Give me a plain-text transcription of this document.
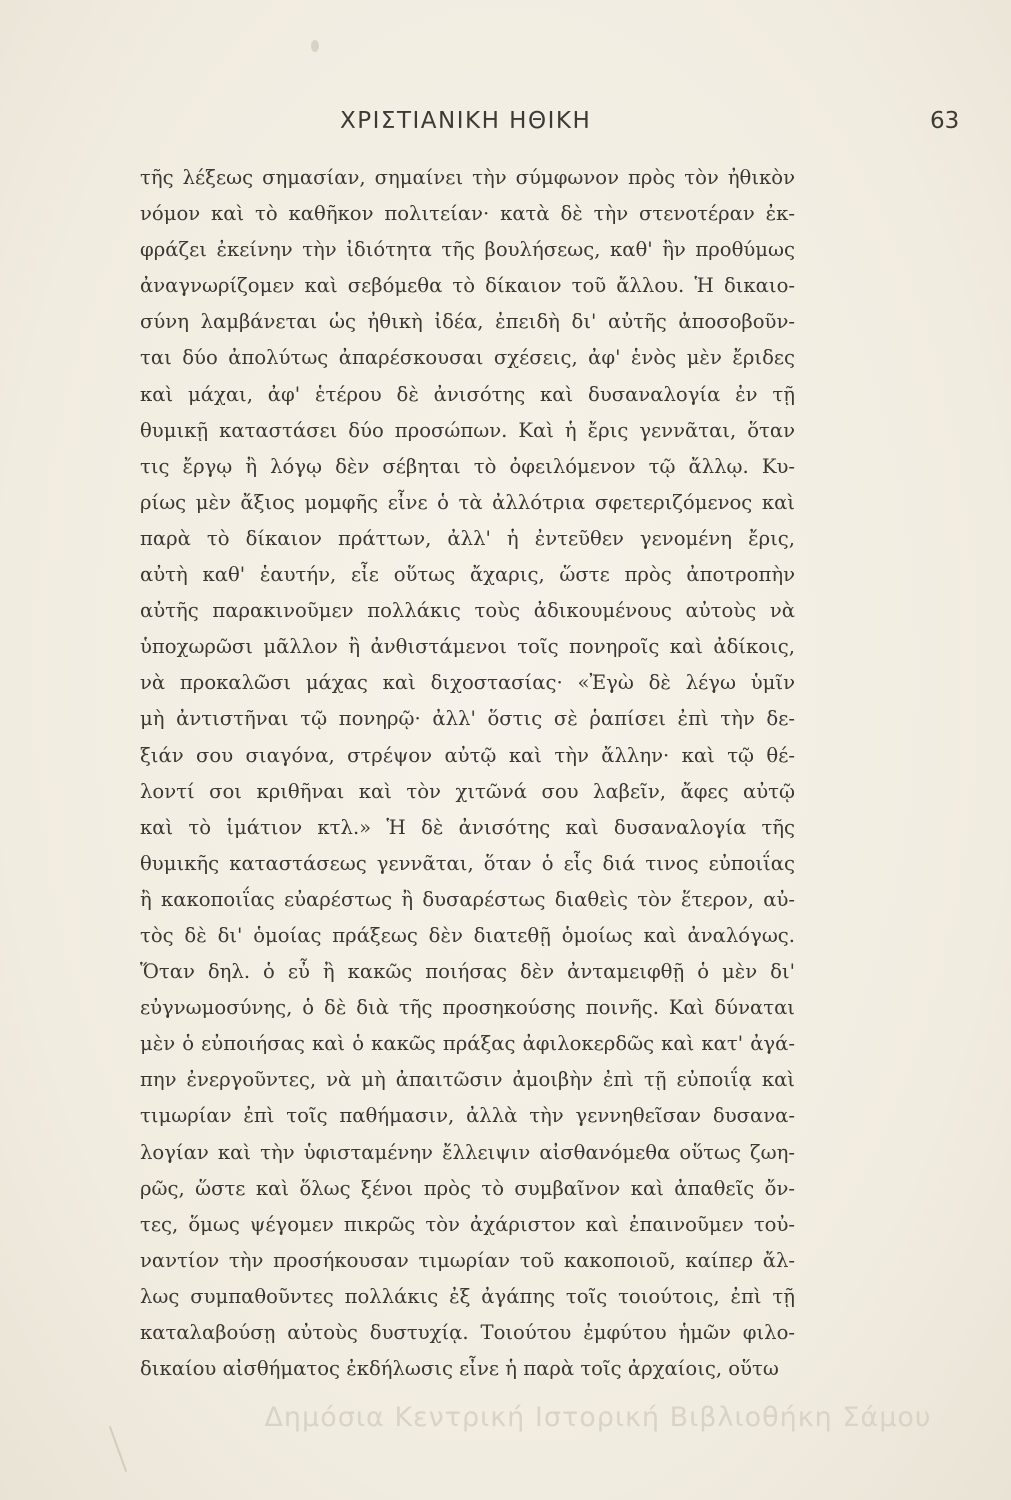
ΧΡΙΣΤΙΑΝΙΚΗ ΗΘΙΚΗ	63
τῆς λέξεως σημασίαν, σημαίνει τὴν σύμφωνον πρὸς τὸν ἠθικὸν
νόμον καὶ τὸ καθῆκον πολιτείαν· κατὰ δὲ τὴν στενοτέραν ἐκ-
φράζει ἐκείνην τὴν ἰδιότητα τῆς βουλήσεως, καθ' ἣν προθύμως
ἀναγνωρίζομεν καὶ σεβόμεθα τὸ δίκαιον τοῦ ἄλλου. Ἡ δικαιο-
σύνη λαμβάνεται ὡς ἠθικὴ ἰδέα, ἐπειδὴ δι' αὐτῆς ἀποσοβοῦν-
ται δύο ἀπολύτως ἀπαρέσκουσαι σχέσεις, ἀφ' ἑνὸς μὲν ἔριδες
καὶ μάχαι, ἀφ' ἑτέρου δὲ ἀνισότης καὶ δυσαναλογία ἐν τῇ
θυμικῇ καταστάσει δύο προσώπων. Καὶ ἡ ἔρις γεννᾶται, ὅταν
τις ἔργῳ ἢ λόγῳ δὲν σέβηται τὸ ὀφειλόμενον τῷ ἄλλῳ. Κυ-
ρίως μὲν ἄξιος μομφῆς εἶνε ὁ τὰ ἀλλότρια σφετεριζόμενος καὶ
παρὰ τὸ δίκαιον πράττων, ἀλλ' ἡ ἐντεῦθεν γενομένη ἔρις,
αὐτὴ καθ' ἑαυτήν, εἶε οὕτως ἄχαρις, ὥστε πρὸς ἀποτροπὴν
αὐτῆς παρακινοῦμεν πολλάκις τοὺς ἀδικουμένους αὐτοὺς νὰ
ὑποχωρῶσι μᾶλλον ἢ ἀνθιστάμενοι τοῖς πονηροῖς καὶ ἀδίκοις,
νὰ προκαλῶσι μάχας καὶ διχοστασίας· «Ἐγὼ δὲ λέγω ὑμῖν
μὴ ἀντιστῆναι τῷ πονηρῷ· ἀλλ' ὅστις σὲ ῥαπίσει ἐπὶ τὴν δε-
ξιάν σου σιαγόνα, στρέψον αὐτῷ καὶ τὴν ἄλλην· καὶ τῷ θέ-
λοντί σοι κριθῆναι καὶ τὸν χιτῶνά σου λαβεῖν, ἄφες αὐτῷ
καὶ τὸ ἱμάτιον κτλ.» Ἡ δὲ ἀνισότης καὶ δυσαναλογία τῆς
θυμικῆς καταστάσεως γεννᾶται, ὅταν ὁ εἷς διά τινος εὐποιΐας
ἢ κακοποιΐας εὐαρέστως ἢ δυσαρέστως διαθεὶς τὸν ἕτερον, αὐ-
τὸς δὲ δι' ὁμοίας πράξεως δὲν διατεθῇ ὁμοίως καὶ ἀναλόγως.
Ὅταν δηλ. ὁ εὖ ἢ κακῶς ποιήσας δὲν ἀνταμειφθῇ ὁ μὲν δι'
εὐγνωμοσύνης, ὁ δὲ διὰ τῆς προσηκούσης ποινῆς. Καὶ δύναται
μὲν ὁ εὐποιήσας καὶ ὁ κακῶς πράξας ἀφιλοκερδῶς καὶ κατ' ἀγά-
πην ἐνεργοῦντες, νὰ μὴ ἀπαιτῶσιν ἀμοιβὴν ἐπὶ τῇ εὐποιΐᾳ καὶ
τιμωρίαν ἐπὶ τοῖς παθήμασιν, ἀλλὰ τὴν γεννηθεῖσαν δυσανα-
λογίαν καὶ τὴν ὑφισταμένην ἔλλειψιν αἰσθανόμεθα οὕτως ζωη-
ρῶς, ὥστε καὶ ὅλως ξένοι πρὸς τὸ συμβαῖνον καὶ ἀπαθεῖς ὄν-
τες, ὅμως ψέγομεν πικρῶς τὸν ἀχάριστον καὶ ἐπαινοῦμεν τοὐ-
ναντίον τὴν προσήκουσαν τιμωρίαν τοῦ κακοποιοῦ, καίπερ ἄλ-
λως συμπαθοῦντες πολλάκις ἐξ ἀγάπης τοῖς τοιούτοις, ἐπὶ τῇ
καταλαβούσῃ αὐτοὺς δυστυχίᾳ. Τοιούτου ἐμφύτου ἡμῶν φιλο-
δικαίου αἰσθήματος ἐκδήλωσις εἶνε ἡ παρὰ τοῖς ἀρχαίοις, οὕτω
Δημόσια Κεντρική Ιστορική Βιβλιοθήκη Σάμου
